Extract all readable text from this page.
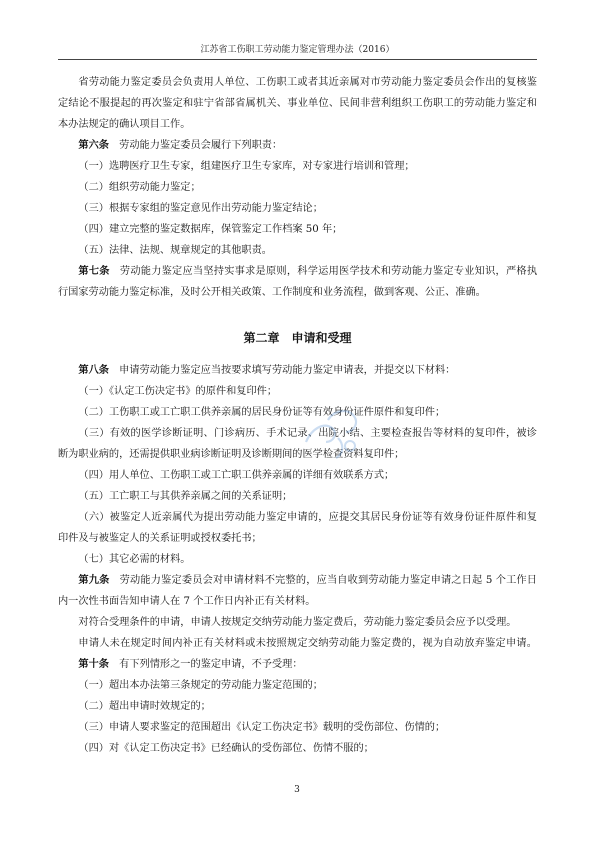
江苏省工伤职工劳动能力鉴定管理办法（2016）
省劳动能力鉴定委员会负责用人单位、工伤职工或者其近亲属对市劳动能力鉴定委员会作出的复核鉴
定结论不服提起的再次鉴定和驻宁省部省属机关、事业单位、民间非营利组织工伤职工的劳动能力鉴定和
本办法规定的确认项目工作。
第六条 劳动能力鉴定委员会履行下列职责：
（一）选聘医疗卫生专家，组建医疗卫生专家库，对专家进行培训和管理；
（二）组织劳动能力鉴定；
（三）根据专家组的鉴定意见作出劳动能力鉴定结论；
（四）建立完整的鉴定数据库，保管鉴定工作档案 50 年；
（五）法律、法规、规章规定的其他职责。
第七条 劳动能力鉴定应当坚持实事求是原则，科学运用医学技术和劳动能力鉴定专业知识，严格执
行国家劳动能力鉴定标准，及时公开相关政策、工作制度和业务流程，做到客观、公正、准确。
第二章 申请和受理
第八条 申请劳动能力鉴定应当按要求填写劳动能力鉴定申请表，并提交以下材料：
（一）《认定工伤决定书》的原件和复印件；
（二）工伤职工或工亡职工供养亲属的居民身份证等有效身份证件原件和复印件；
（三）有效的医学诊断证明、门诊病历、手术记录、出院小结、主要检查报告等材料的复印件，被诊
断为职业病的，还需提供职业病诊断证明及诊断期间的医学检查资料复印件；
（四）用人单位、工伤职工或工亡职工供养亲属的详细有效联系方式；
（五）工亡职工与其供养亲属之间的关系证明；
（六）被鉴定人近亲属代为提出劳动能力鉴定申请的，应提交其居民身份证等有效身份证件原件和复
印件及与被鉴定人的关系证明或授权委托书；
（七）其它必需的材料。
第九条 劳动能力鉴定委员会对申请材料不完整的，应当自收到劳动能力鉴定申请之日起 5 个工作日
内一次性书面告知申请人在 7 个工作日内补正有关材料。
对符合受理条件的申请，申请人按规定交纳劳动能力鉴定费后，劳动能力鉴定委员会应予以受理。
申请人未在规定时间内补正有关材料或未按照规定交纳劳动能力鉴定费的，视为自动放弃鉴定申请。
第十条 有下列情形之一的鉴定申请，不予受理：
（一）超出本办法第三条规定的劳动能力鉴定范围的；
（二）超出申请时效规定的；
（三）申请人要求鉴定的范围超出《认定工伤决定书》载明的受伤部位、伤情的；
（四）对《认定工伤决定书》已经确认的受伤部位、伤情不服的；
3
